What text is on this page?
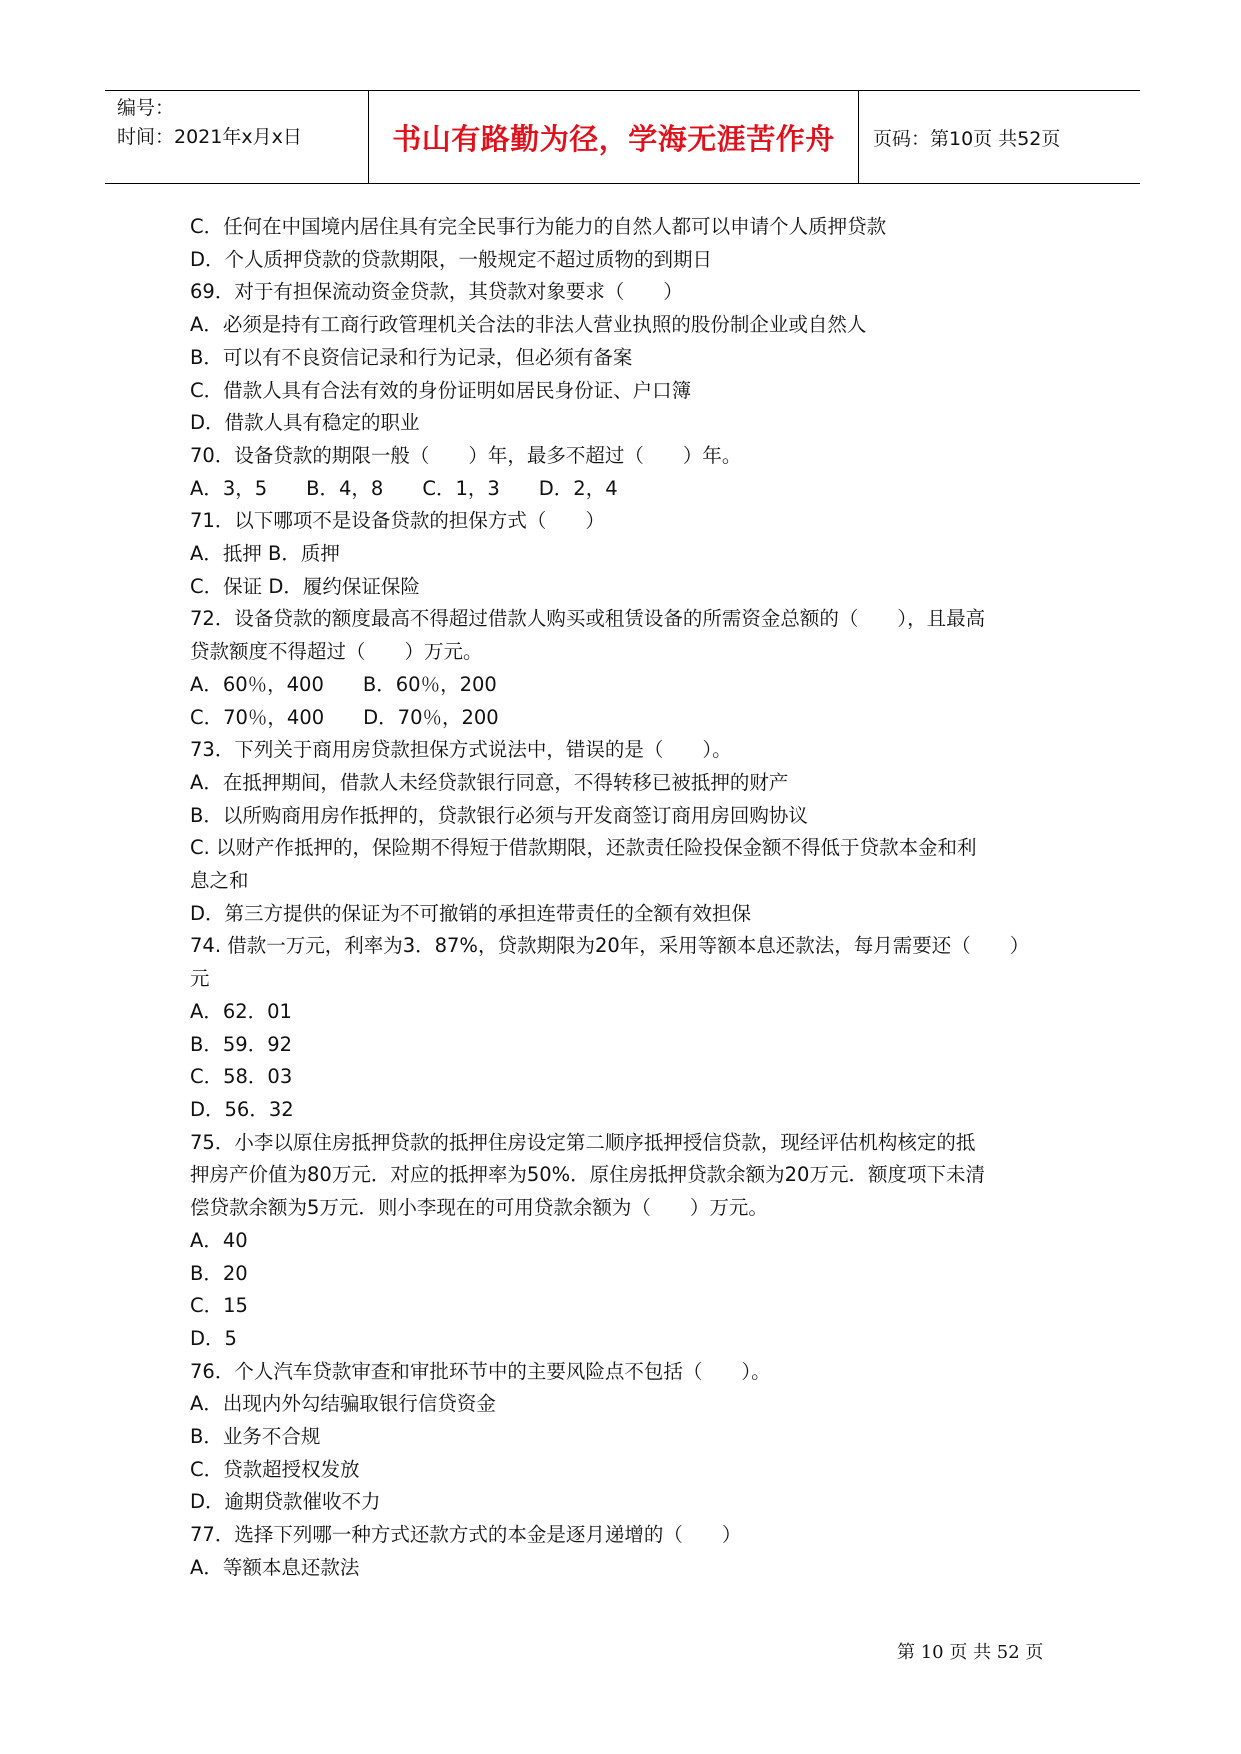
编号：
时间：2021年x月x日	书山有路勤为径，学海无涯苦作舟 页码：第10页 共52页

C．任何在中国境内居住具有完全民事行为能力的自然人都可以申请个人质押贷款

D．个人质押贷款的贷款期限，一般规定不超过质物的到期日

69．对于有担保流动资金贷款，其贷款对象要求（　　）

A．必须是持有工商行政管理机关合法的非法人营业执照的股份制企业或自然人

B．可以有不良资信记录和行为记录，但必须有备案

C．借款人具有合法有效的身份证明如居民身份证、户口簿

D．借款人具有稳定的职业

70．设备贷款的期限一般（　　）年，最多不超过（　　）年。

A．3，5　　B．4，8　　C．1，3　　D．2，4

71．以下哪项不是设备贷款的担保方式（　　）

A．抵押 B．质押

C．保证 D．履约保证保险

72．设备贷款的额度最高不得超过借款人购买或租赁设备的所需资金总额的（　　），且最高

贷款额度不得超过（　　）万元。

A．60％，400　　B．60％，200

C．70％，400　　D．70％，200

73．下列关于商用房贷款担保方式说法中，错误的是（　　）。

A．在抵押期间，借款人未经贷款银行同意，不得转移已被抵押的财产

B．以所购商用房作抵押的，贷款银行必须与开发商签订商用房回购协议

C. 以财产作抵押的，保险期不得短于借款期限，还款责任险投保金额不得低于贷款本金和利

息之和

D．第三方提供的保证为不可撤销的承担连带责任的全额有效担保

74. 借款一万元，利率为3．87%，贷款期限为20年，采用等额本息还款法，每月需要还（　　）

元

A．62．01

B．59．92

C．58．03

D．56．32

75．小李以原住房抵押贷款的抵押住房设定第二顺序抵押授信贷款，现经评估机构核定的抵

押房产价值为80万元．对应的抵押率为50%．原住房抵押贷款余额为20万元．额度项下未清

偿贷款余额为5万元．则小李现在的可用贷款余额为（　　）万元。

A．40

B．20

C．15

D．5

76．个人汽车贷款审查和审批环节中的主要风险点不包括（　　）。

A．出现内外勾结骗取银行信贷资金

B．业务不合规

C．贷款超授权发放

D．逾期贷款催收不力

77．选择下列哪一种方式还款方式的本金是逐月递增的（　　）

A．等额本息还款法

第 10 页 共 52 页
